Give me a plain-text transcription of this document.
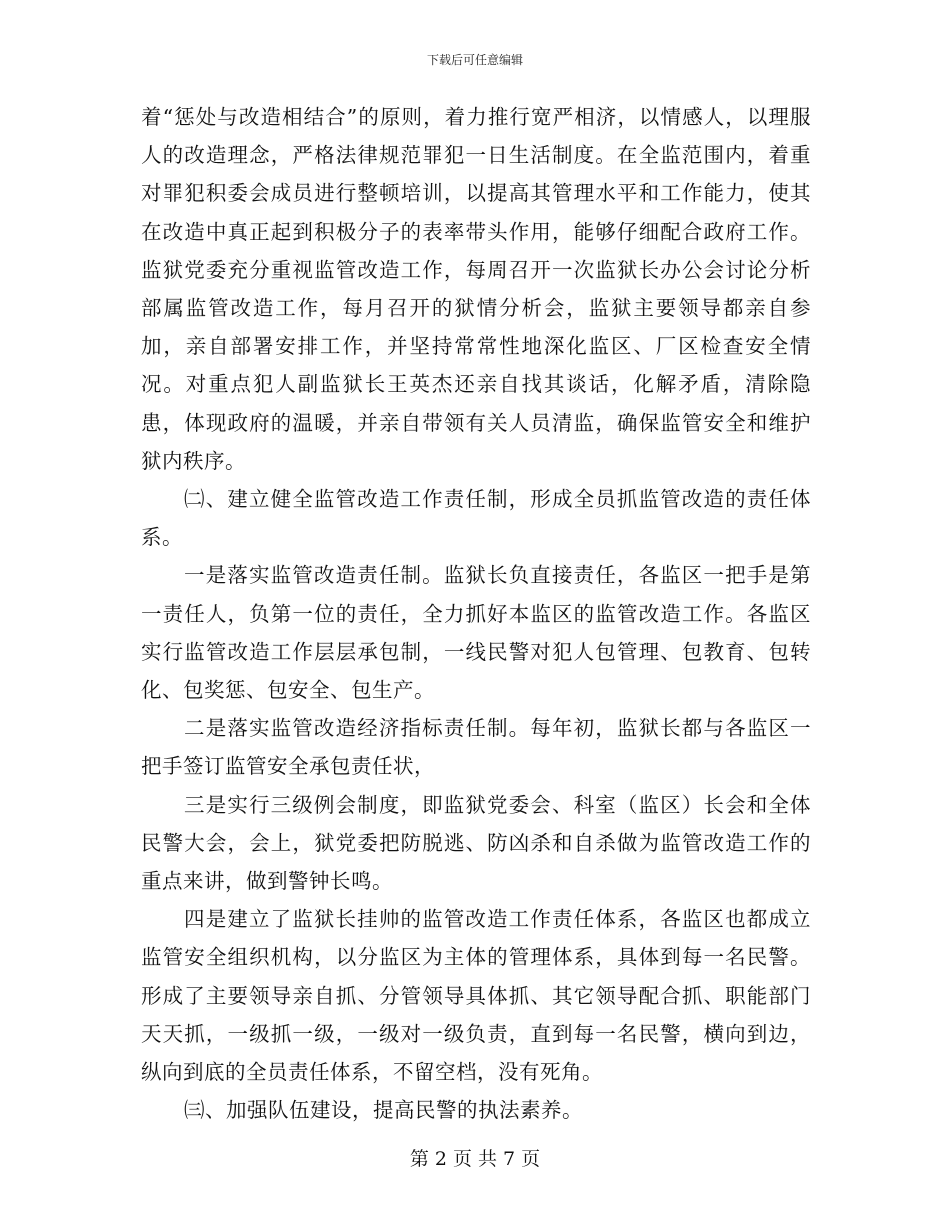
下载后可任意编辑

着“惩处与改造相结合”的原则，着力推行宽严相济，以情感人，以理服人的改造理念，严格法律规范罪犯一日生活制度。在全监范围内，着重对罪犯积委会成员进行整顿培训，以提高其管理水平和工作能力，使其在改造中真正起到积极分子的表率带头作用，能够仔细配合政府工作。监狱党委充分重视监管改造工作，每周召开一次监狱长办公会讨论分析部属监管改造工作，每月召开的狱情分析会，监狱主要领导都亲自参加，亲自部署安排工作，并坚持常常性地深化监区、厂区检查安全情况。对重点犯人副监狱长王英杰还亲自找其谈话，化解矛盾，清除隐患，体现政府的温暖，并亲自带领有关人员清监，确保监管安全和维护狱内秩序。

㈡、建立健全监管改造工作责任制，形成全员抓监管改造的责任体系。

一是落实监管改造责任制。监狱长负直接责任，各监区一把手是第一责任人，负第一位的责任，全力抓好本监区的监管改造工作。各监区实行监管改造工作层层承包制，一线民警对犯人包管理、包教育、包转化、包奖惩、包安全、包生产。

二是落实监管改造经济指标责任制。每年初，监狱长都与各监区一把手签订监管安全承包责任状，

三是实行三级例会制度，即监狱党委会、科室（监区）长会和全体民警大会，会上，狱党委把防脱逃、防凶杀和自杀做为监管改造工作的重点来讲，做到警钟长鸣。

四是建立了监狱长挂帅的监管改造工作责任体系，各监区也都成立监管安全组织机构，以分监区为主体的管理体系，具体到每一名民警。形成了主要领导亲自抓、分管领导具体抓、其它领导配合抓、职能部门天天抓，一级抓一级，一级对一级负责，直到每一名民警，横向到边，纵向到底的全员责任体系，不留空档，没有死角。

㈢、加强队伍建设，提高民警的执法素养。

第 2 页 共 7 页
